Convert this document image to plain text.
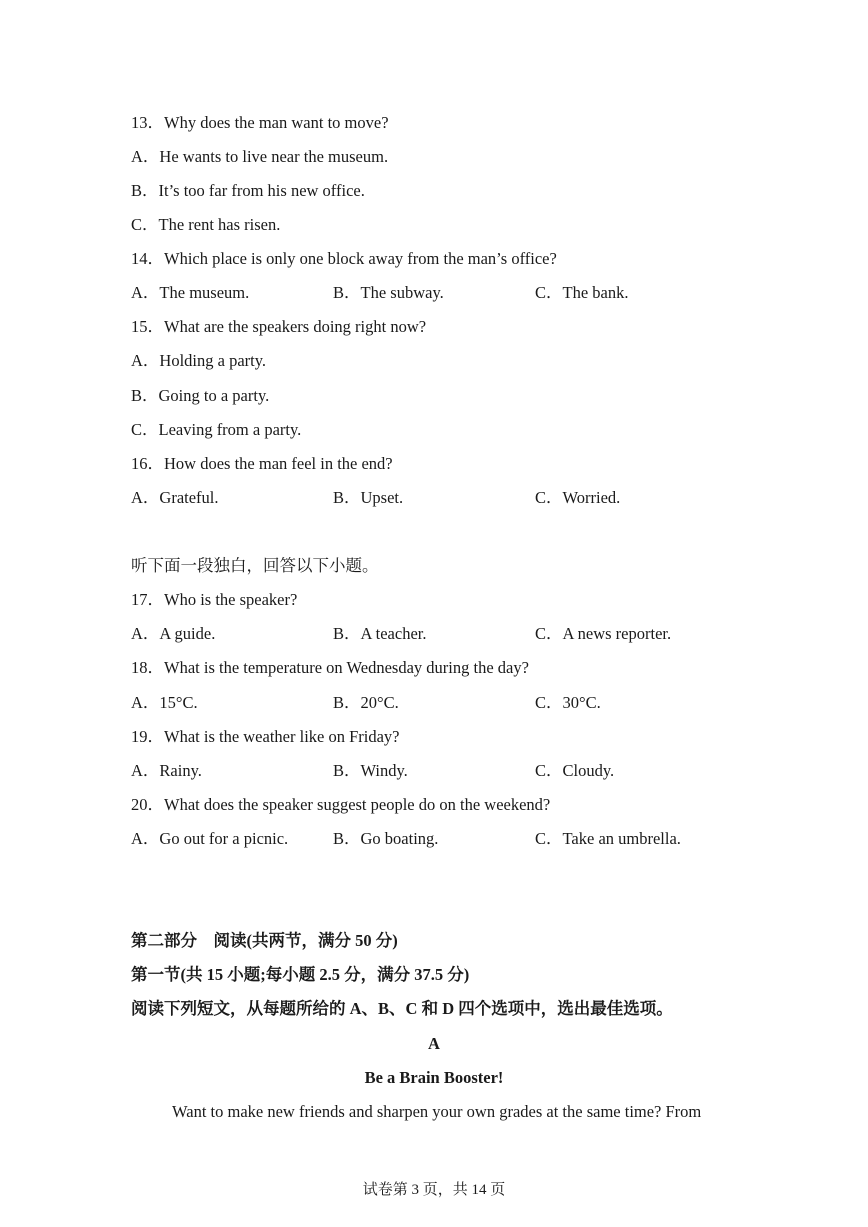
13．Why does the man want to move?
A．He wants to live near the museum.
B．It’s too far from his new office.
C．The rent has risen.
14．Which place is only one block away from the man’s office?
A．The museum.	B．The subway.	C．The bank.
15．What are the speakers doing right now?
A．Holding a party.
B．Going to a party.
C．Leaving from a party.
16．How does the man feel in the end?
A．Grateful.	B．Upset.	C．Worried.
听下面一段独白，回答以下小题。
17．Who is the speaker?
A．A guide.	B．A teacher.	C．A news reporter.
18．What is the temperature on Wednesday during the day?
A．15°C.	B．20°C.	C．30°C.
19．What is the weather like on Friday?
A．Rainy.	B．Windy.	C．Cloudy.
20．What does the speaker suggest people do on the weekend?
A．Go out for a picnic.	B．Go boating.	C．Take an umbrella.
第二部分　阅读(共两节，满分 50 分)
第一节(共 15 小题;每小题 2.5 分，满分 37.5 分)
阅读下列短文，从每题所给的 A、B、C 和 D 四个选项中，选出最佳选项。
A
Be a Brain Booster!
Want to make new friends and sharpen your own grades at the same time? From
试卷第 3 页，共 14 页
